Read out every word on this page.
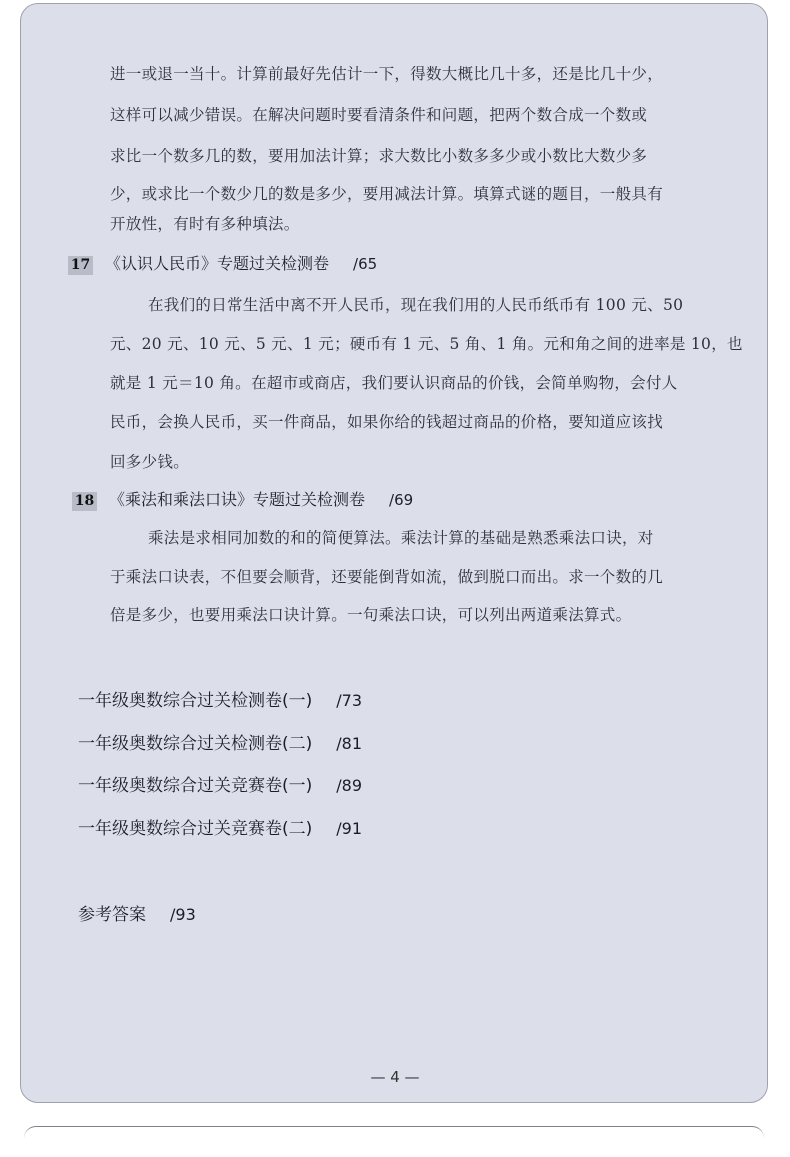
进一或退一当十。计算前最好先估计一下，得数大概比几十多，还是比几十少，

这样可以减少错误。在解决问题时要看清条件和问题，把两个数合成一个数或

求比一个数多几的数，要用加法计算；求大数比小数多多少或小数比大数少多

少，或求比一个数少几的数是多少，要用减法计算。填算式谜的题目，一般具有

开放性，有时有多种填法。

17 《认识人民币》专题过关检测卷 /65

在我们的日常生活中离不开人民币，现在我们用的人民币纸币有 100 元、50

元、20 元、10 元、5 元、1 元；硬币有 1 元、5 角、1 角。元和角之间的进率是 10，也

就是 1 元＝10 角。在超市或商店，我们要认识商品的价钱，会简单购物，会付人

民币，会换人民币，买一件商品，如果你给的钱超过商品的价格，要知道应该找

回多少钱。

18 《乘法和乘法口诀》专题过关检测卷 /69

乘法是求相同加数的和的简便算法。乘法计算的基础是熟悉乘法口诀，对

于乘法口诀表，不但要会顺背，还要能倒背如流，做到脱口而出。求一个数的几

倍是多少，也要用乘法口诀计算。一句乘法口诀，可以列出两道乘法算式。

一年级奥数综合过关检测卷(一) /73
一年级奥数综合过关检测卷(二) /81
一年级奥数综合过关竞赛卷(一) /89
一年级奥数综合过关竞赛卷(二) /91
参考答案 /93
— 4 —
